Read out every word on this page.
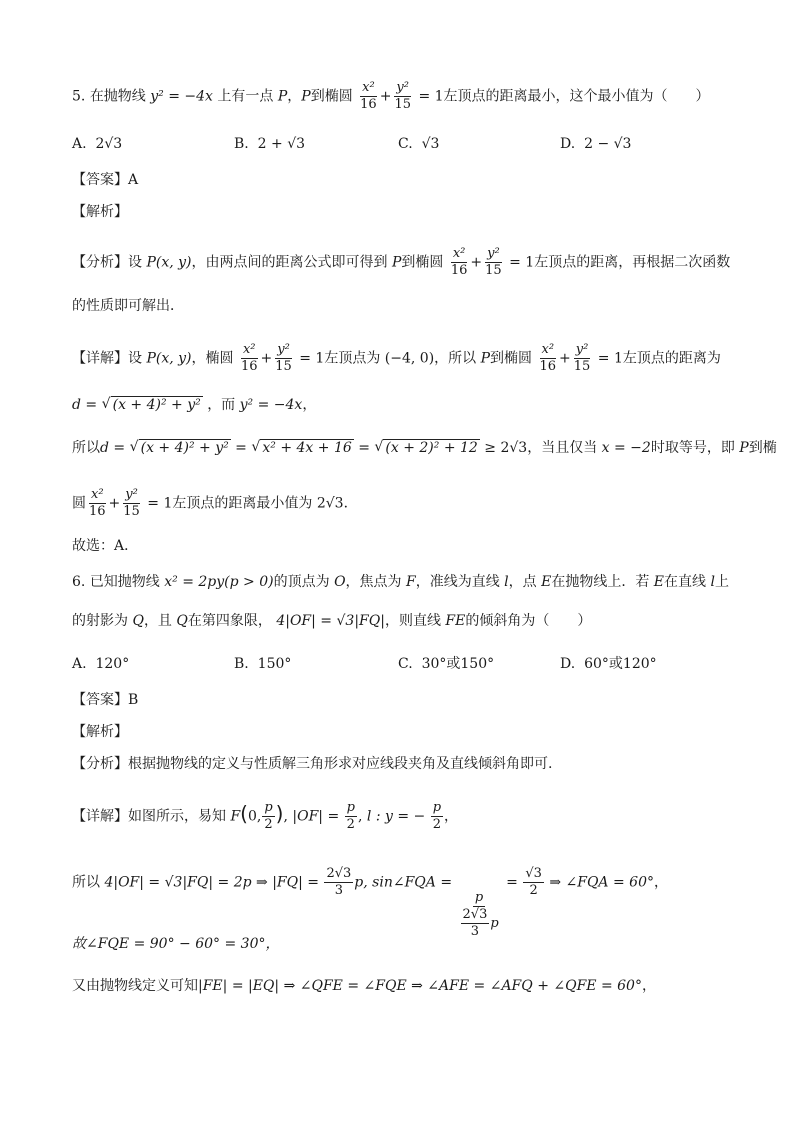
5. 在抛物线 y² = −4x 上有一点 P，P到椭圆 $\frac{\text{x²}}{16} + \frac{\text{y²}}{15} = 1$左顶点的距离最小，这个最小值为（　　）
A. 2√3	B. 2 + √3	C. √3	D. 2 − √3
【答案】A
【解析】
【分析】设 P(x, y)，由两点间的距离公式即可得到 P到椭圆 $\frac{\text{x²}}{16} + \frac{\text{y²}}{15} = 1$左顶点的距离，再根据二次函数
的性质即可解出．
【详解】设 P(x, y)，椭圆 $\frac{\text{x²}}{16} + \frac{\text{y²}}{15} = 1$左顶点为 (−4, 0)，所以 P到椭圆 $\frac{\text{x²}}{16} + \frac{\text{y²}}{15} = 1$左顶点的距离为
d = √ (x + 4)² + y² ，而 y² = −4x，
所以d = √ (x + 4)² + y² = √ x² + 4x + 16 = √ (x + 2)² + 12 ≥ 2√3，当且仅当 x = −2时取等号，即 P到椭
圆 $\frac{\text{x²}}{16} + \frac{\text{y²}}{15} = 1$左顶点的距离最小值为 2√3．
故选：A．
6. 已知抛物线 x² = 2py(p > 0)的顶点为 O，焦点为 F，准线为直线 l，点 E在抛物线上．若 E在直线 l上
的射影为 Q，且 Q在第四象限， 4|OF| = √3|FQ|，则直线 FE的倾斜角为（　　）
A. 120°	B. 150°	C. 30°或150°	D. 60°或120°
【答案】B
【解析】
【分析】根据抛物线的定义与性质解三角形求对应线段夹角及直线倾斜角即可.
【详解】如图所示，易知 F(0, $\frac{p}{2}$ ), $|OF| = \frac{p}{2}$ , l : y = − $\frac{p}{2}$ ，
所以 4|OF| = √3|FQ| = 2p ⇒ $|FQ| = \frac{2√3}{3} p$, sin∠FQA =
$\frac{p}{\frac{2√3}{3} p}$
= $\frac{√3}{2}$ ⇒ ∠FQA = 60°，
故∠FQE = 90° − 60° = 30°，
又由抛物线定义可知|FE| = |EQ| ⇒ ∠QFE = ∠FQE ⇒ ∠AFE = ∠AFQ + ∠QFE = 60°，
